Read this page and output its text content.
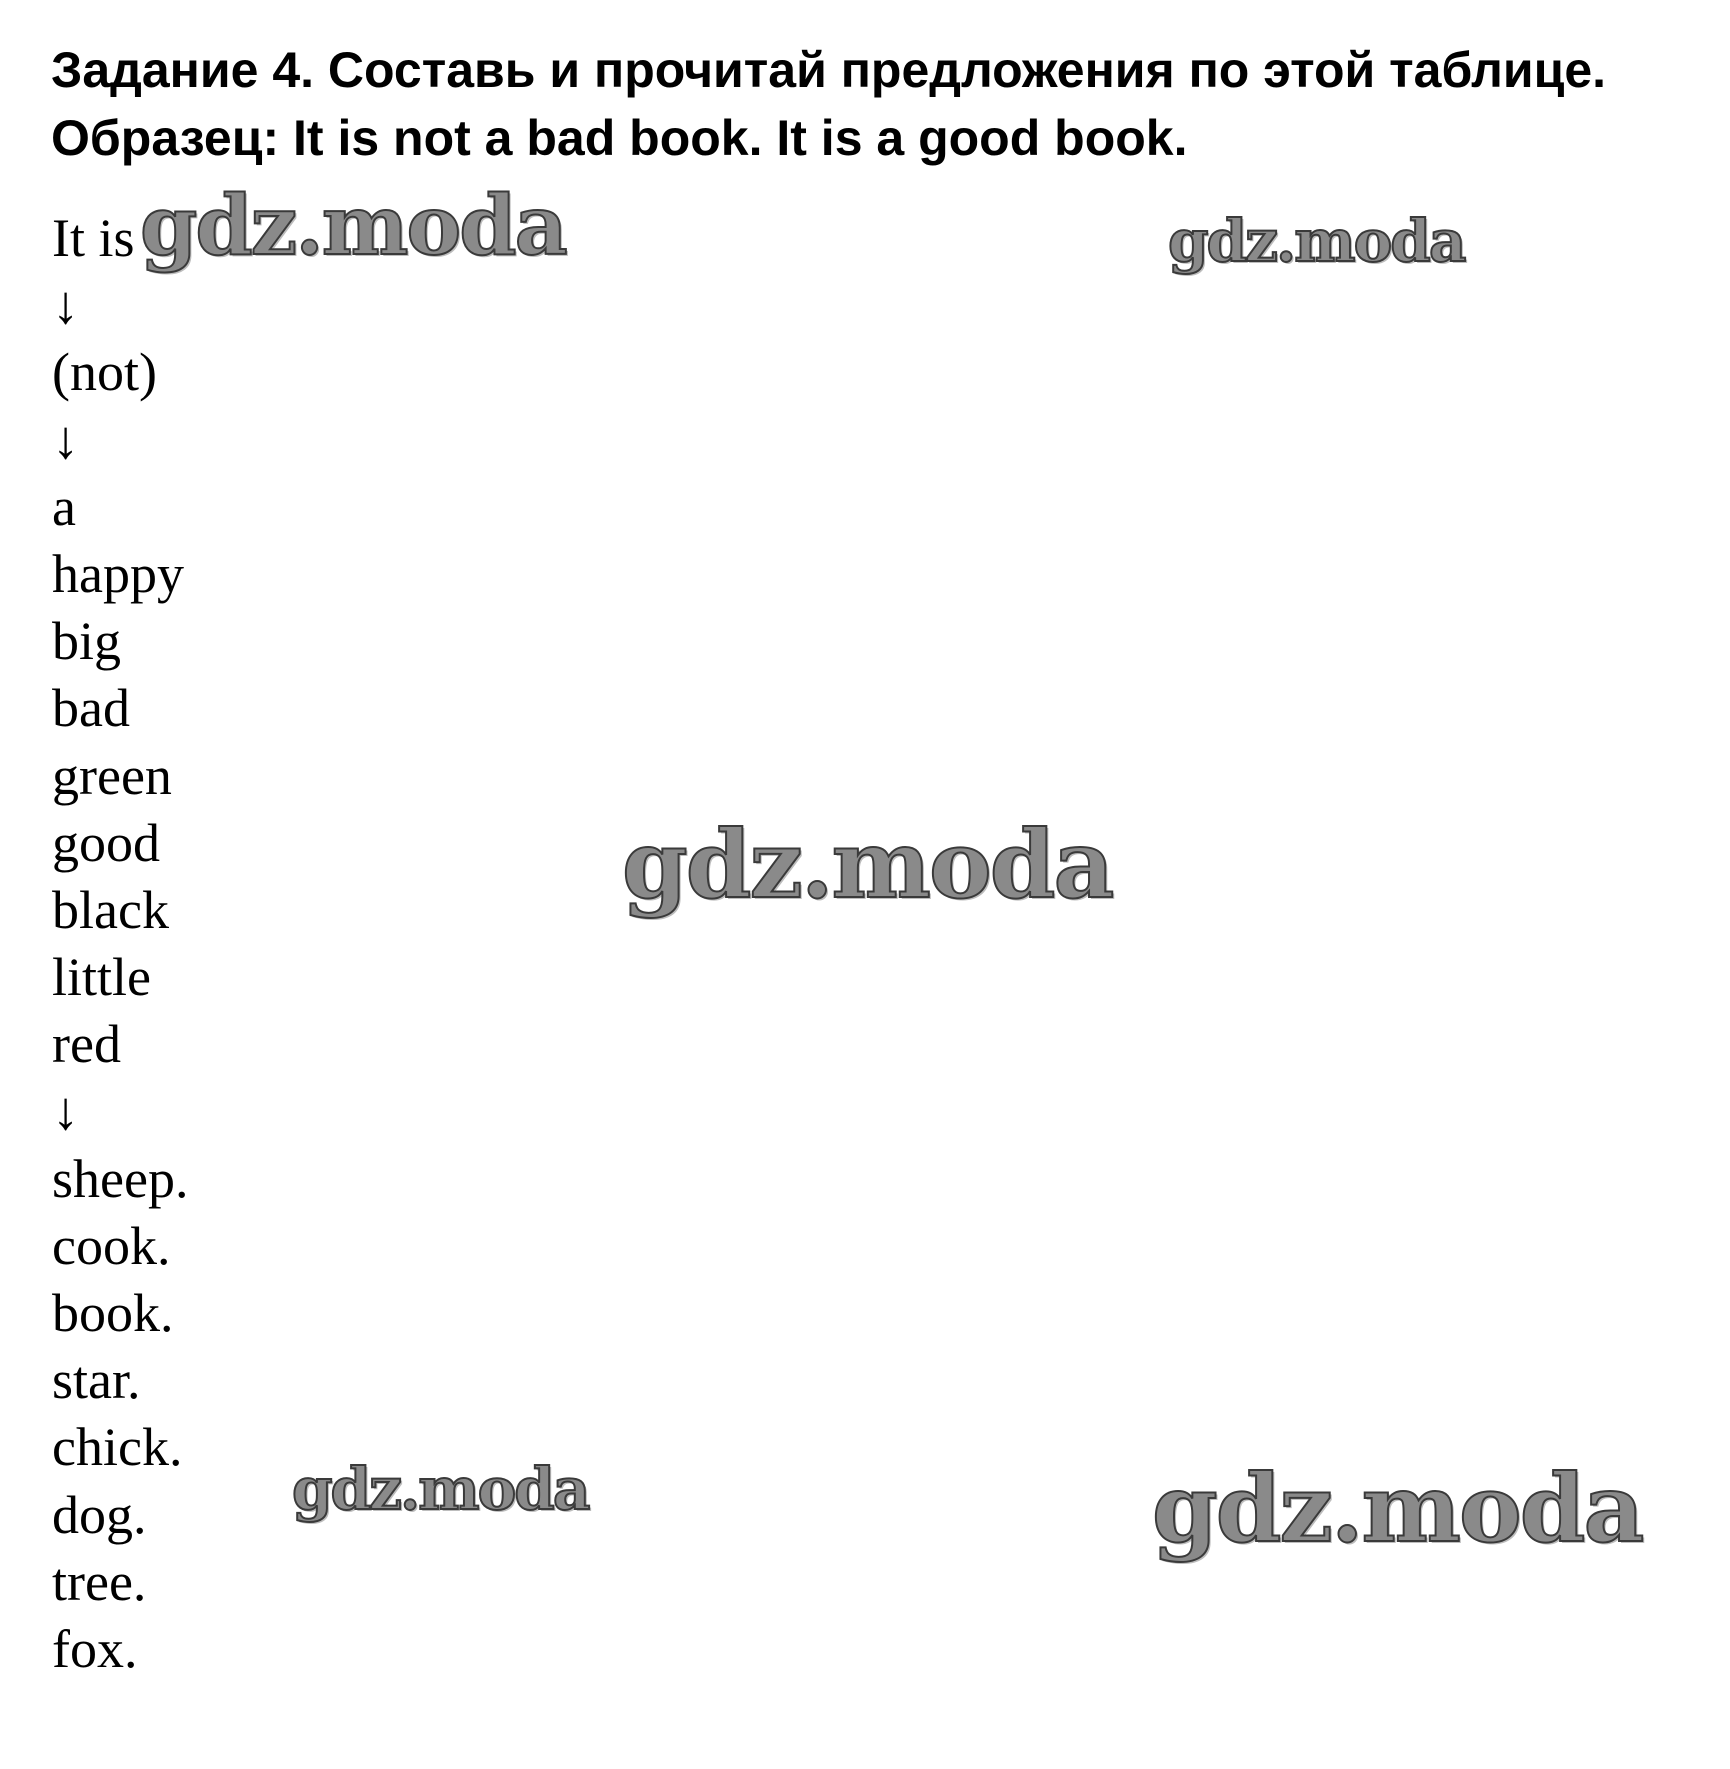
Задание 4. Составь и прочитай предложения по этой таблице.
Образец: It is not a bad book. It is a good book.
It is
↓
(not)
↓
a
happy
big
bad
green
good
black
little
red
↓
sheep.
cook.
book.
star.
chick.
dog.
tree.
fox.
gdz.moda	gdz.moda
gdz.moda
gdz.moda	gdz.moda
